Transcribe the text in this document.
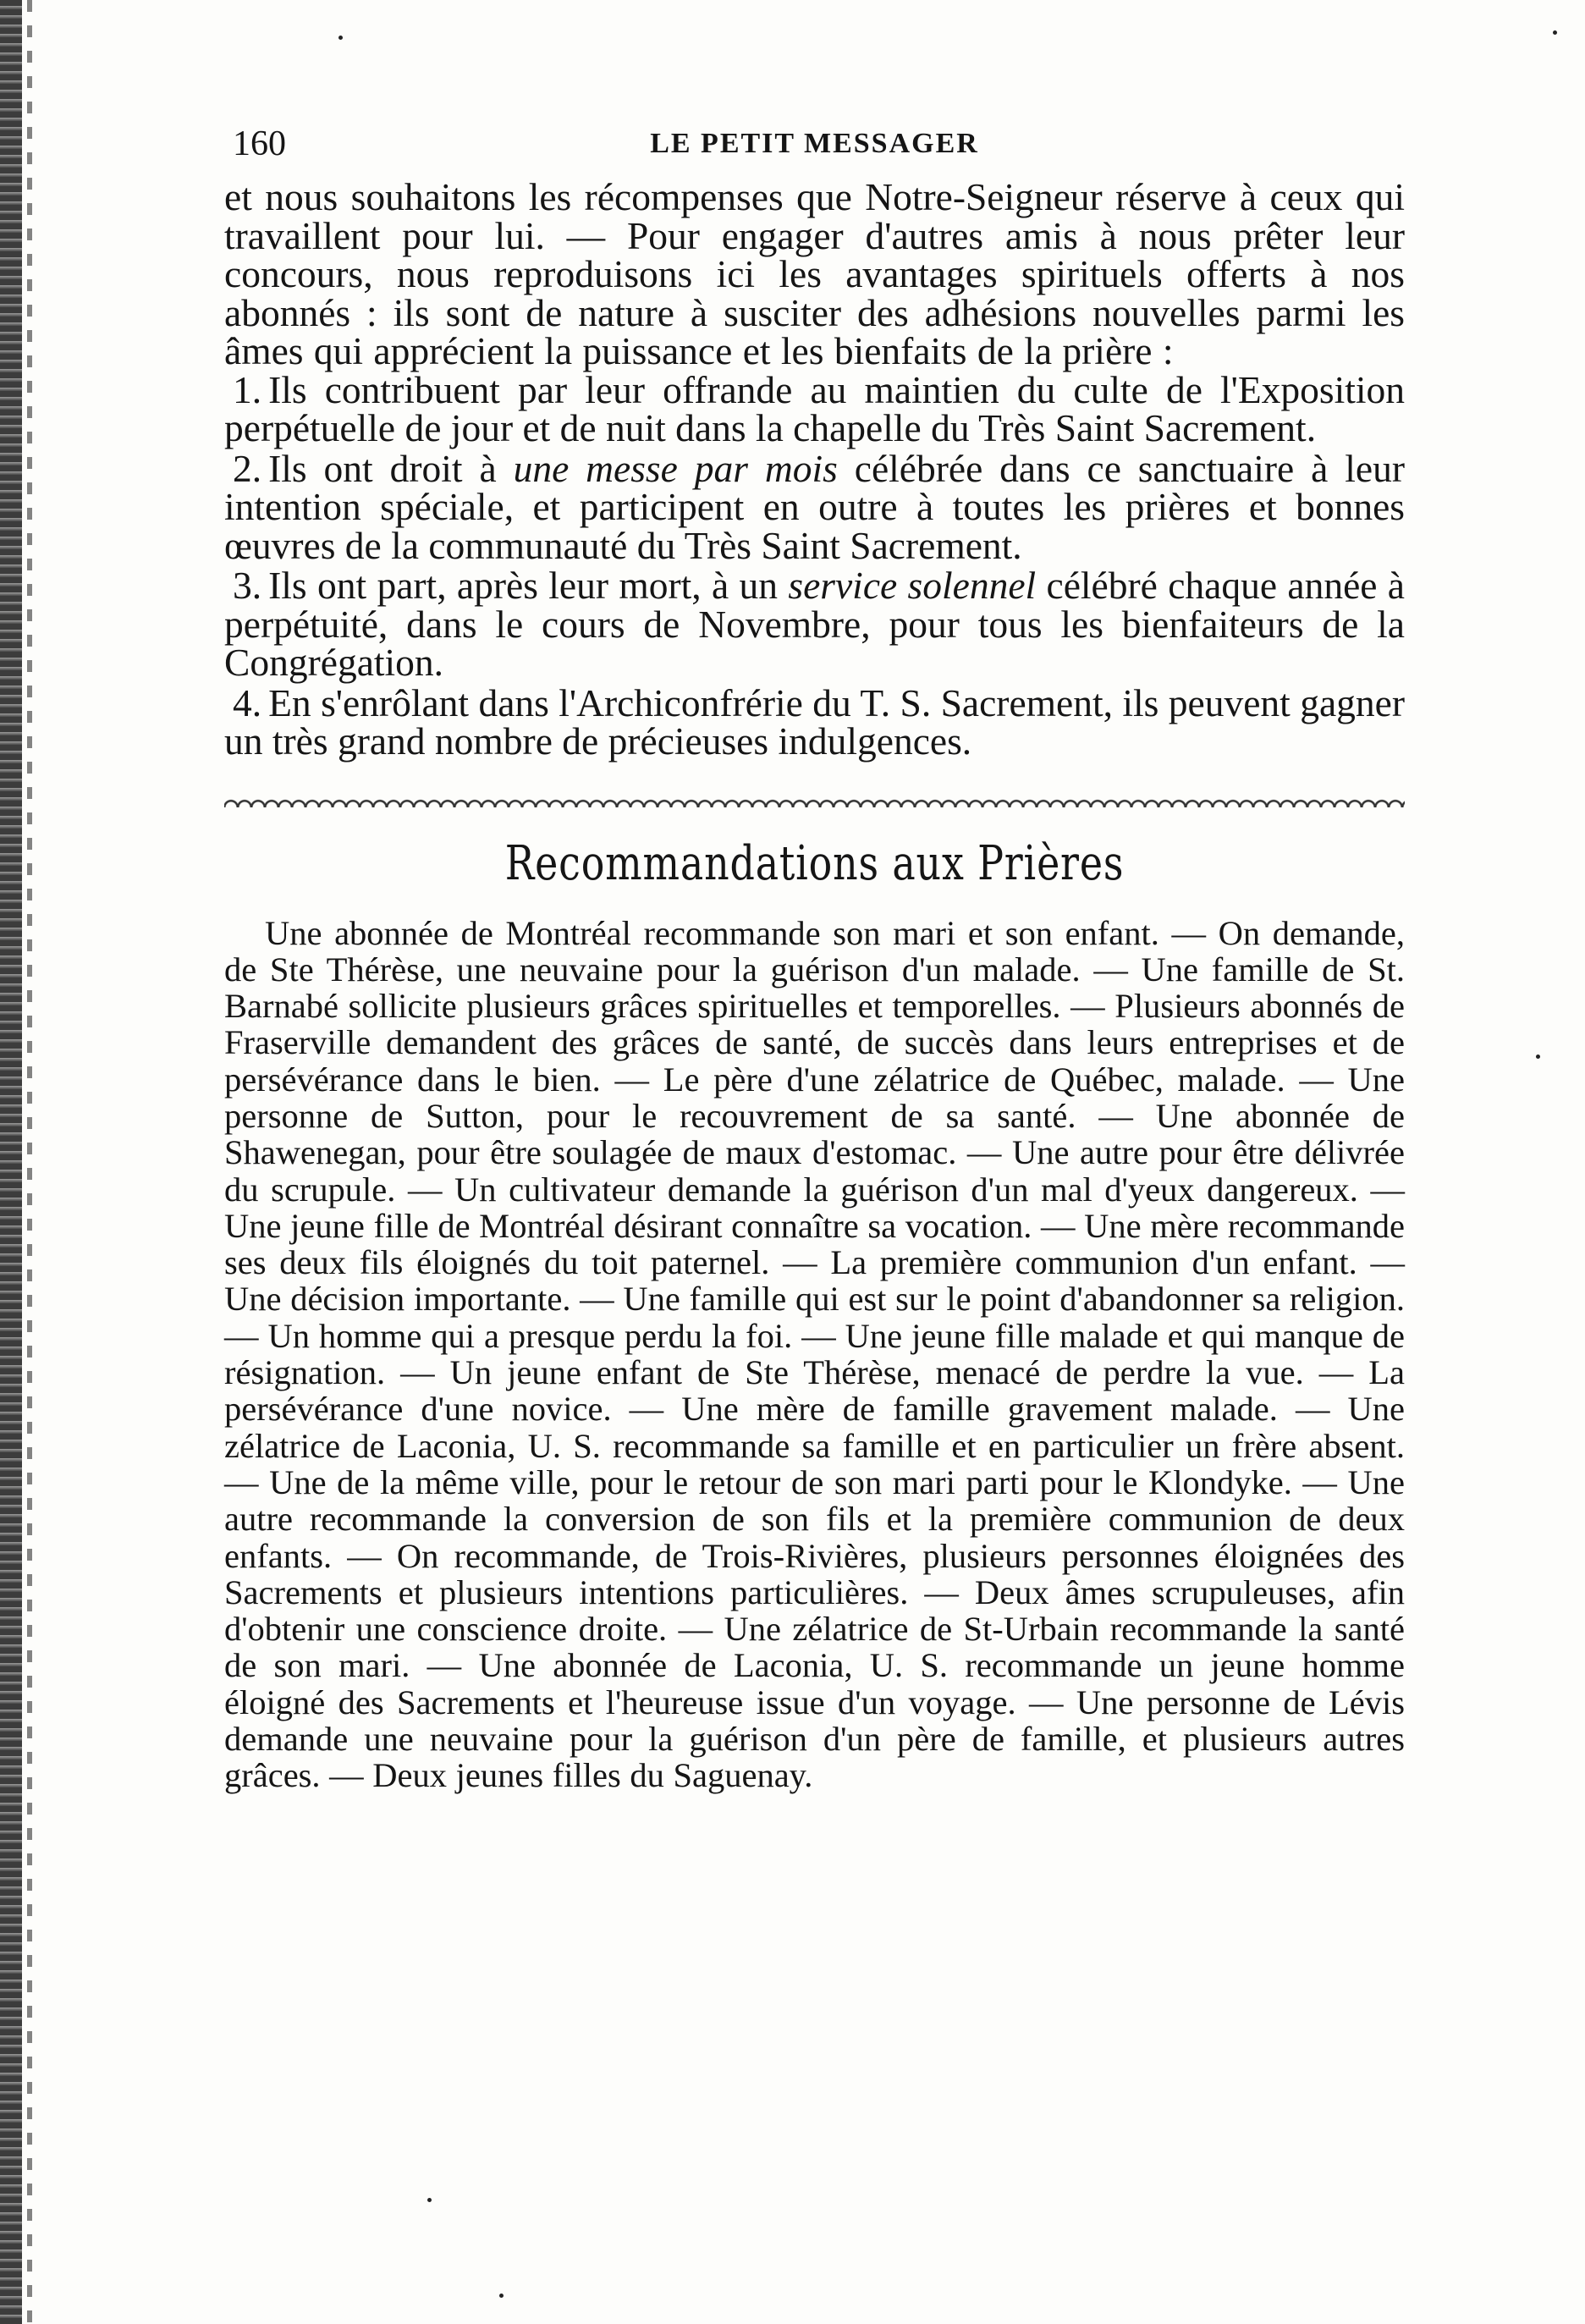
160	LE PETIT MESSAGER

et nous souhaitons les récompenses que Notre-Seigneur réserve à ceux qui travaillent pour lui. — Pour engager d'autres amis à nous prêter leur concours, nous reproduisons ici les avantages spirituels offerts à nos abonnés : ils sont de nature à susciter des adhésions nouvelles parmi les âmes qui apprécient la puissance et les bienfaits de la prière :

1. Ils contribuent par leur offrande au maintien du culte de l'Exposition perpétuelle de jour et de nuit dans la chapelle du Très Saint Sacrement.
2. Ils ont droit à une messe par mois célébrée dans ce sanctuaire à leur intention spéciale, et participent en outre à toutes les prières et bonnes œuvres de la communauté du Très Saint Sacrement.
3. Ils ont part, après leur mort, à un service solennel célébré chaque année à perpétuité, dans le cours de Novembre, pour tous les bienfaiteurs de la Congrégation.
4. En s'enrôlant dans l'Archiconfrérie du T. S. Sacrement, ils peuvent gagner un très grand nombre de précieuses indulgences.
Recommandations aux Prières

Une abonnée de Montréal recommande son mari et son enfant. — On demande, de Ste Thérèse, une neuvaine pour la guérison d'un malade. — Une famille de St. Barnabé sollicite plusieurs grâces spirituelles et temporelles. — Plusieurs abonnés de Fraserville demandent des grâces de santé, de succès dans leurs entreprises et de persévérance dans le bien. — Le père d'une zélatrice de Québec, malade. — Une personne de Sutton, pour le recouvrement de sa santé. — Une abonnée de Shawenegan, pour être soulagée de maux d'estomac. — Une autre pour être délivrée du scrupule. — Un cultivateur demande la guérison d'un mal d'yeux dangereux. — Une jeune fille de Montréal désirant connaître sa vocation. — Une mère recommande ses deux fils éloignés du toit paternel. — La première communion d'un enfant. — Une décision importante. — Une famille qui est sur le point d'abandonner sa religion. — Un homme qui a presque perdu la foi. — Une jeune fille malade et qui manque de résignation. — Un jeune enfant de Ste Thérèse, menacé de perdre la vue. — La persévérance d'une novice. — Une mère de famille gravement malade. — Une zélatrice de Laconia, U. S. recommande sa famille et en particulier un frère absent. — Une de la même ville, pour le retour de son mari parti pour le Klondyke. — Une autre recommande la conversion de son fils et la première communion de deux enfants. — On recommande, de Trois-Rivières, plusieurs personnes éloignées des Sacrements et plusieurs intentions particulières. — Deux âmes scrupuleuses, afin d'obtenir une conscience droite. — Une zélatrice de St-Urbain recommande la santé de son mari. — Une abonnée de Laconia, U. S. recommande un jeune homme éloigné des Sacrements et l'heureuse issue d'un voyage. — Une personne de Lévis demande une neuvaine pour la guérison d'un père de famille, et plusieurs autres grâces. — Deux jeunes filles du Saguenay.
